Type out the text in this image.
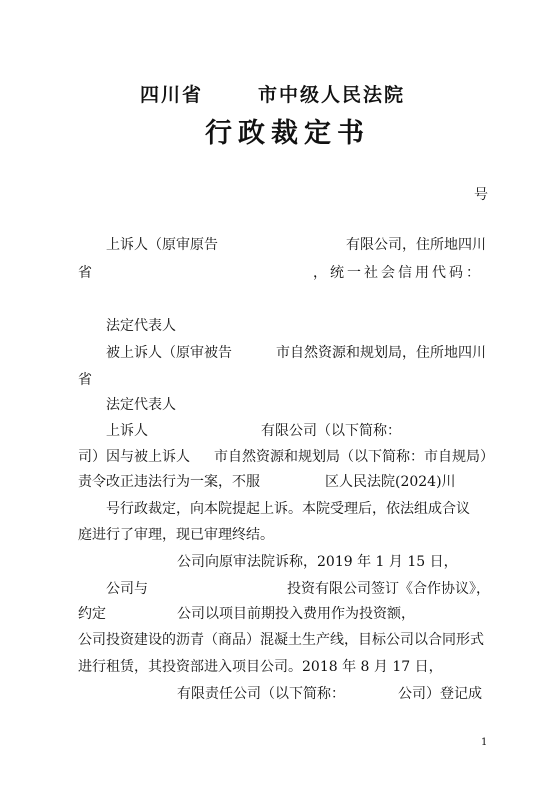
四川省	市中级人民法院
行政裁定书
号
上诉人（原审原告	有限公司，住所地四川
省	，统一社会信用代码：
法定代表人
被上诉人（原审被告	市自然资源和规划局，住所地四川
省
法定代表人
上诉人	有限公司（以下简称：
司）因与被上诉人 市自然资源和规划局（以下简称：市自规局）
责令改正违法行为一案，不服	区人民法院(2024)川
号行政裁定，向本院提起上诉。本院受理后，依法组成合议
庭进行了审理，现已审理终结。
公司向原审法院诉称，2019 年 1 月 15 日，
公司与	投资有限公司签订《合作协议》，
约定	公司以项目前期投入费用作为投资额，
公司投资建设的沥青（商品）混凝土生产线，目标公司以合同形式
进行租赁，其投资部进入项目公司。2018 年 8 月 17 日，
有限责任公司（以下简称：	公司）登记成
1
